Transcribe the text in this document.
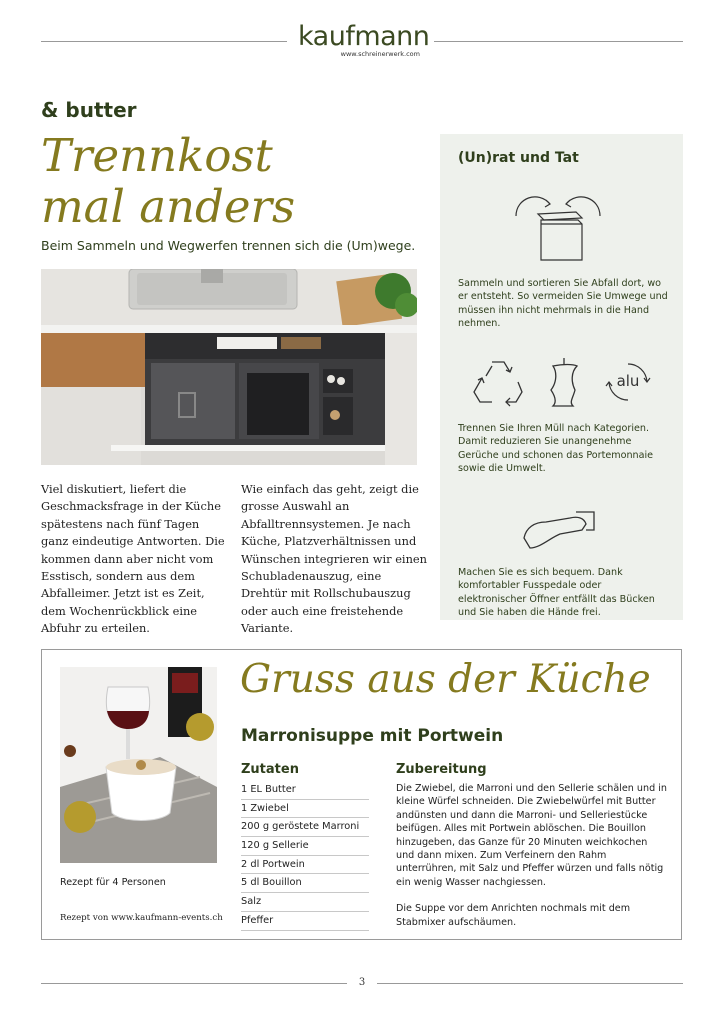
kaufmann
www.schreinerwerk.com
& butter
Trennkost
mal anders
Beim Sammeln und Wegwerfen trennen sich die (Um)wege.
Viel diskutiert, liefert die Geschmacksfrage in der Küche spätestens nach fünf Tagen ganz eindeutige Antworten. Die kommen dann aber nicht vom Esstisch, sondern aus dem Abfalleimer. Jetzt ist es Zeit, dem Wochenrückblick eine Abfuhr zu erteilen.
Wie einfach das geht, zeigt die grosse Auswahl an Abfalltrennsystemen. Je nach Küche, Platzverhältnissen und Wünschen integrieren wir einen Schubladenauszug, eine Drehtür mit Rollschubauszug oder auch eine freistehende Variante.
(Un)rat und Tat
Sammeln und sortieren Sie Abfall dort, wo er entsteht. So vermeiden Sie Umwege und müssen ihn nicht mehrmals in die Hand nehmen.
alu
Trennen Sie Ihren Müll nach Kategorien. Damit reduzieren Sie unangenehme Gerüche und schonen das Portemonnaie sowie die Umwelt.
Machen Sie es sich bequem. Dank komfortabler Fusspedale oder elektronischer Öffner entfällt das Bücken und Sie haben die Hände frei.
Gruss aus der Küche
Marronisuppe mit Portwein
Zutaten	Zubereitung
1 EL Butter
1 Zwiebel
200 g geröstete Marroni
120 g Sellerie
2 dl Portwein
5 dl Bouillon
Salz
Pfeffer

Die Zwiebel, die Marroni und den Sellerie schälen und in kleine Würfel schneiden. Die Zwiebelwürfel mit Butter andünsten und dann die Marroni- und Selleriestücke beifügen. Alles mit Portwein ablöschen. Die Bouillon hinzugeben, das Ganze für 20 Minuten weichkochen und dann mixen. Zum Verfeinern den Rahm unterrühren, mit Salz und Pfeffer würzen und falls nötig ein wenig Wasser nachgiessen.

Die Suppe vor dem Anrichten nochmals mit dem Stabmixer aufschäumen.

Rezept für 4 Personen
Rezept von www.kaufmann-events.ch
3
